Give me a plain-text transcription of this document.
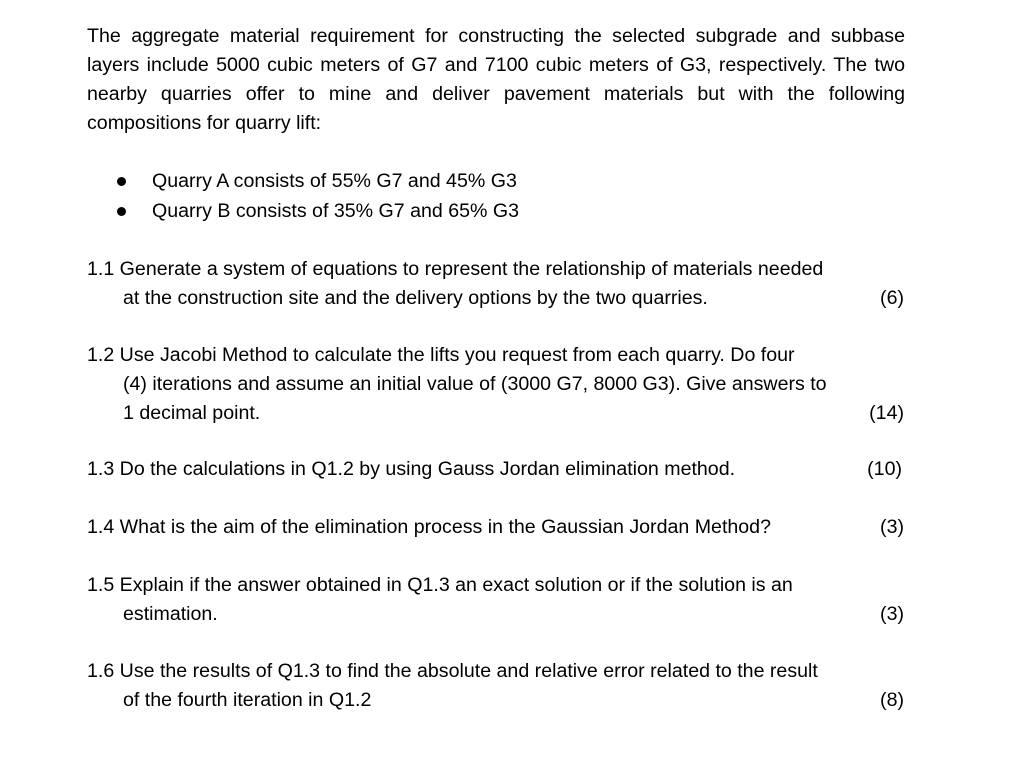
The aggregate material requirement for constructing the selected subgrade and subbase layers include 5000 cubic meters of G7 and 7100 cubic meters of G3, respectively. The two nearby quarries offer to mine and deliver pavement materials but with the following compositions for quarry lift:

Quarry A consists of 55% G7 and 45% G3
Quarry B consists of 35% G7 and 65% G3
1.1 Generate a system of equations to represent the relationship of materials needed
at the construction site and the delivery options by the two quarries.	(6)
1.2 Use Jacobi Method to calculate the lifts you request from each quarry. Do four
(4) iterations and assume an initial value of (3000 G7, 8000 G3). Give answers to
1 decimal point.	(14)
1.3 Do the calculations in Q1.2 by using Gauss Jordan elimination method.	(10)
1.4 What is the aim of the elimination process in the Gaussian Jordan Method?	(3)
1.5 Explain if the answer obtained in Q1.3 an exact solution or if the solution is an
estimation.	(3)
1.6 Use the results of Q1.3 to find the absolute and relative error related to the result
of the fourth iteration in Q1.2	(8)
